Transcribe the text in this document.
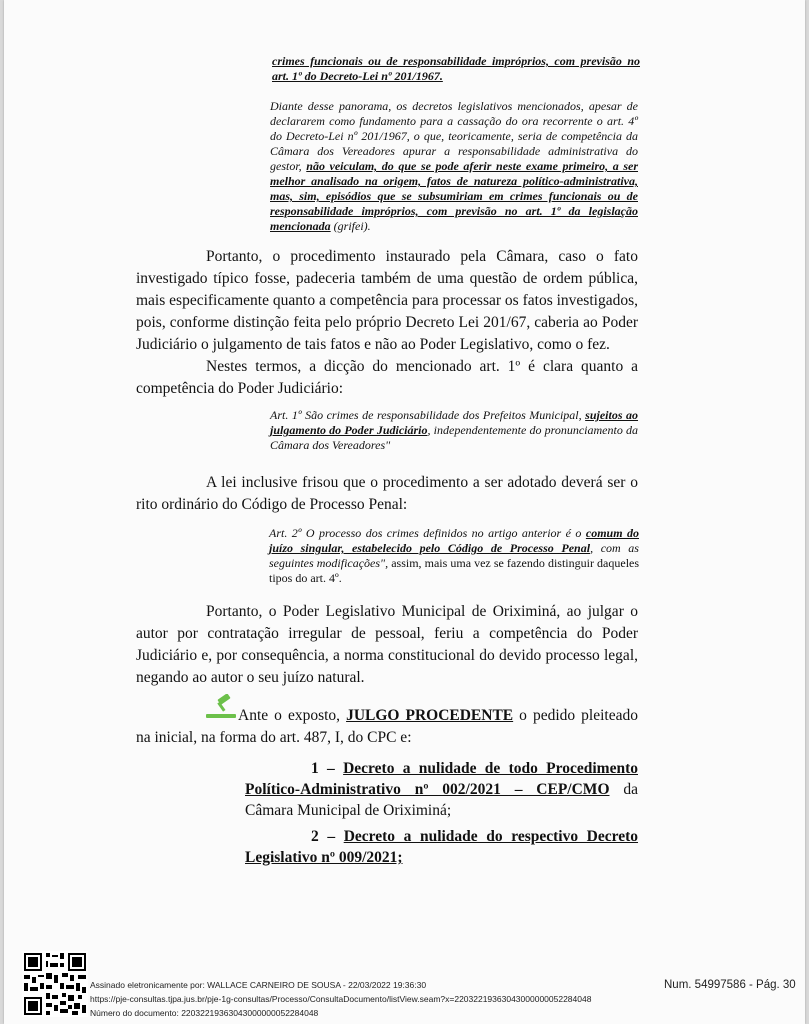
crimes funcionais ou de responsabilidade impróprios, com previsão no art. 1º do Decreto-Lei nº 201/1967.
Diante desse panorama, os decretos legislativos mencionados, apesar de declararem como fundamento para a cassação do ora recorrente o art. 4º do Decreto-Lei nº 201/1967, o que, teoricamente, seria de competência da Câmara dos Vereadores apurar a responsabilidade administrativa do gestor, não veiculam, do que se pode aferir neste exame primeiro, a ser melhor analisado na origem, fatos de natureza político-administrativa, mas, sim, episódios que se subsumiriam em crimes funcionais ou de responsabilidade impróprios, com previsão no art. 1º da legislação mencionada (grifei).
Portanto, o procedimento instaurado pela Câmara, caso o fato investigado típico fosse, padeceria também de uma questão de ordem pública, mais especificamente quanto a competência para processar os fatos investigados, pois, conforme distinção feita pelo próprio Decreto Lei 201/67, caberia ao Poder Judiciário o julgamento de tais fatos e não ao Poder Legislativo, como o fez.
Nestes termos, a dicção do mencionado art. 1º é clara quanto a competência do Poder Judiciário:
Art. 1º São crimes de responsabilidade dos Prefeitos Municipal, sujeitos ao julgamento do Poder Judiciário, independentemente do pronunciamento da Câmara dos Vereadores"
A lei inclusive frisou que o procedimento a ser adotado deverá ser o rito ordinário do Código de Processo Penal:
Art. 2º O processo dos crimes definidos no artigo anterior é o comum do juízo singular, estabelecido pelo Código de Processo Penal, com as seguintes modificações", assim, mais uma vez se fazendo distinguir daqueles tipos do art. 4º.
Portanto, o Poder Legislativo Municipal de Oriximiná, ao julgar o autor por contratação irregular de pessoal, feriu a competência do Poder Judiciário e, por consequência, a norma constitucional do devido processo legal, negando ao autor o seu juízo natural.
Ante o exposto, JULGO PROCEDENTE o pedido pleiteado na inicial, na forma do art. 487, I, do CPC e:
1 – Decreto a nulidade de todo Procedimento Político-Administrativo nº 002/2021 – CEP/CMO da Câmara Municipal de Oriximiná;
2 – Decreto a nulidade do respectivo Decreto Legislativo nº 009/2021;
Assinado eletronicamente por: WALLACE CARNEIRO DE SOUSA - 22/03/2022 19:36:30
https://pje-consultas.tjpa.jus.br/pje-1g-consultas/Processo/ConsultaDocumento/listView.seam?x=22032219363043000000052284048
Número do documento: 22032219363043000000052284048
Num. 54997586 - Pág. 30
